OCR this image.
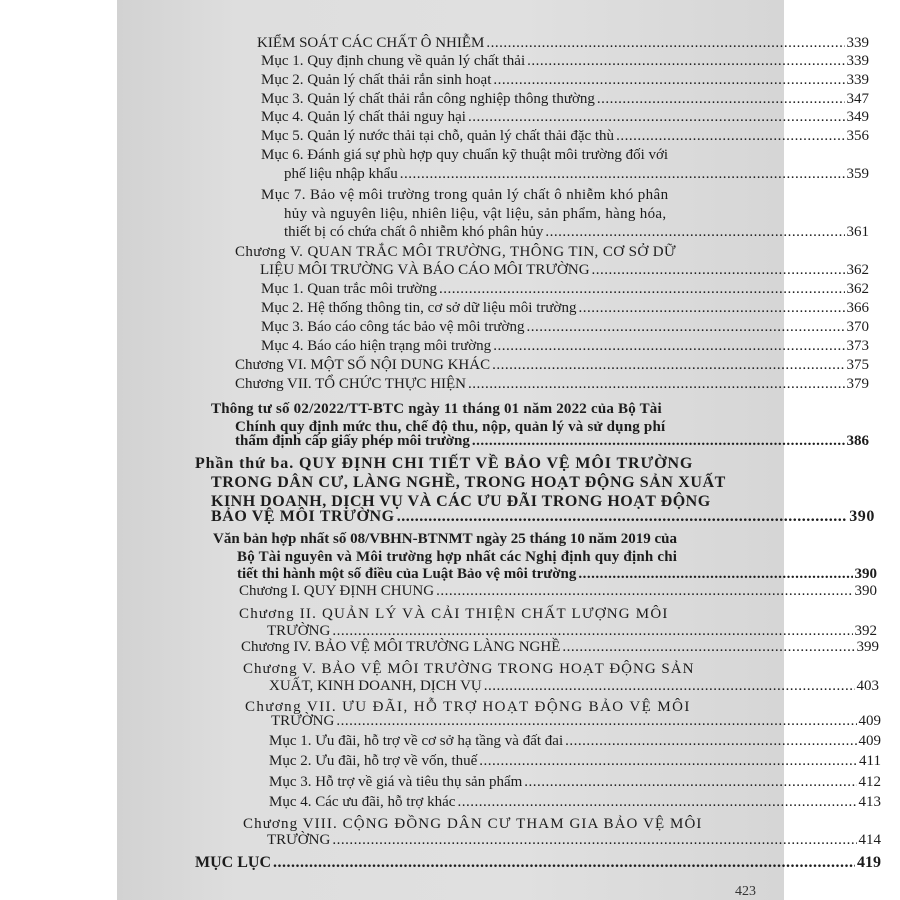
KIỂM SOÁT CÁC CHẤT Ô NHIỄM .....	339
Mục 1. Quy định chung về quản lý chất thải .....	339
Mục 2. Quản lý chất thải rắn sinh hoạt .....	339
Mục 3. Quản lý chất thải rắn công nghiệp thông thường .....	347
Mục 4. Quản lý chất thải nguy hại .....	349
Mục 5. Quản lý nước thải tại chỗ, quản lý chất thải đặc thù .....	356
Mục 6. Đánh giá sự phù hợp quy chuẩn kỹ thuật môi trường đối với
phế liệu nhập khẩu .....	359
Mục 7. Bảo vệ môi trường trong quản lý chất ô nhiễm khó phân
hủy và nguyên liệu, nhiên liệu, vật liệu, sản phẩm, hàng hóa,
thiết bị có chứa chất ô nhiễm khó phân hủy .....	361
Chương V. QUAN TRẮC MÔI TRƯỜNG, THÔNG TIN, CƠ SỞ DỮ
LIỆU MÔI TRƯỜNG VÀ BÁO CÁO MÔI TRƯỜNG .....	362
Mục 1. Quan trắc môi trường .....	362
Mục 2. Hệ thống thông tin, cơ sở dữ liệu môi trường .....	366
Mục 3. Báo cáo công tác bảo vệ môi trường .....	370
Mục 4. Báo cáo hiện trạng môi trường .....	373
Chương VI. MỘT SỐ NỘI DUNG KHÁC .....	375
Chương VII. TỔ CHỨC THỰC HIỆN .....	379
Thông tư số 02/2022/TT-BTC ngày 11 tháng 01 năm 2022 của Bộ Tài
Chính quy định mức thu, chế độ thu, nộp, quản lý và sử dụng phí
thẩm định cấp giấy phép môi trường .....	386
Phần thứ ba. QUY ĐỊNH CHI TIẾT VỀ BẢO VỆ MÔI TRƯỜNG
TRONG DÂN CƯ, LÀNG NGHỀ, TRONG HOẠT ĐỘNG SẢN XUẤT
KINH DOANH, DỊCH VỤ VÀ CÁC ƯU ĐÃI TRONG HOẠT ĐỘNG
BẢO VỆ MÔI TRƯỜNG .....	390
Văn bản hợp nhất số 08/VBHN-BTNMT ngày 25 tháng 10 năm 2019 của
Bộ Tài nguyên và Môi trường hợp nhất các Nghị định quy định chi
tiết thi hành một số điều của Luật Bảo vệ môi trường .....	390
Chương I. QUY ĐỊNH CHUNG .....	390
Chương II. QUẢN LÝ VÀ CẢI THIỆN CHẤT LƯỢNG MÔI
TRƯỜNG .....	392
Chương IV. BẢO VỆ MÔI TRƯỜNG LÀNG NGHỀ .....	399
Chương V. BẢO VỆ MÔI TRƯỜNG TRONG HOẠT ĐỘNG SẢN
XUẤT, KINH DOANH, DỊCH VỤ .....	403
Chương VII. ƯU ĐÃI, HỖ TRỢ HOẠT ĐỘNG BẢO VỆ MÔI
TRƯỜNG .....	409
Mục 1. Ưu đãi, hỗ trợ về cơ sở hạ tầng và đất đai .....	409
Mục 2. Ưu đãi, hỗ trợ về vốn, thuế .....	411
Mục 3. Hỗ trợ về giá và tiêu thụ sản phẩm .....	412
Mục 4. Các ưu đãi, hỗ trợ khác .....	413
Chương VIII. CỘNG ĐỒNG DÂN CƯ THAM GIA BẢO VỆ MÔI
TRƯỜNG .....	414
MỤC LỤC .....	419
423
